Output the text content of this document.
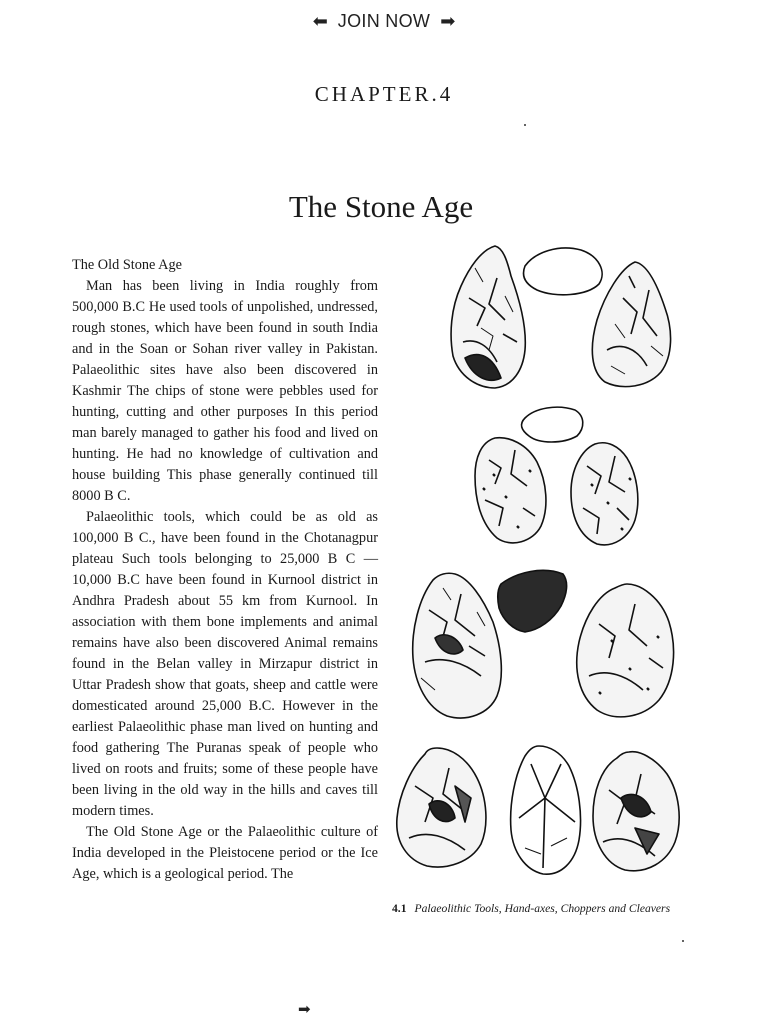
⬅ JOIN NOW ➡
CHAPTER.4
The Stone Age
The Old Stone Age

Man has been living in India roughly from 500,000 B.C He used tools of unpolished, undressed, rough stones, which have been found in south India and in the Soan or Sohan river valley in Pakistan. Palaeolithic sites have also been discovered in Kashmir The chips of stone were pebbles used for hunting, cutting and other purposes In this period man barely managed to gather his food and lived on hunting. He had no knowledge of cultivation and house building This phase generally continued till 8000 B C.

Palaeolithic tools, which could be as old as 100,000 B C., have been found in the Chotanagpur plateau Such tools belonging to 25,000 B C —10,000 B.C have been found in Kurnool district in Andhra Pradesh about 55 km from Kurnool. In association with them bone implements and animal remains have also been discovered Animal remains found in the Belan valley in Mirzapur district in Uttar Pradesh show that goats, sheep and cattle were domesticated around 25,000 B.C. However in the earliest Palaeolithic phase man lived on hunting and food gathering The Puranas speak of people who lived on roots and fruits; some of these people have been living in the old way in the hills and caves till modern times.

The Old Stone Age or the Palaeolithic culture of India developed in the Pleistocene period or the Ice Age, which is a geological period. The

4.1 Palaeolithic Tools, Hand-axes, Choppers and Cleavers
➡
